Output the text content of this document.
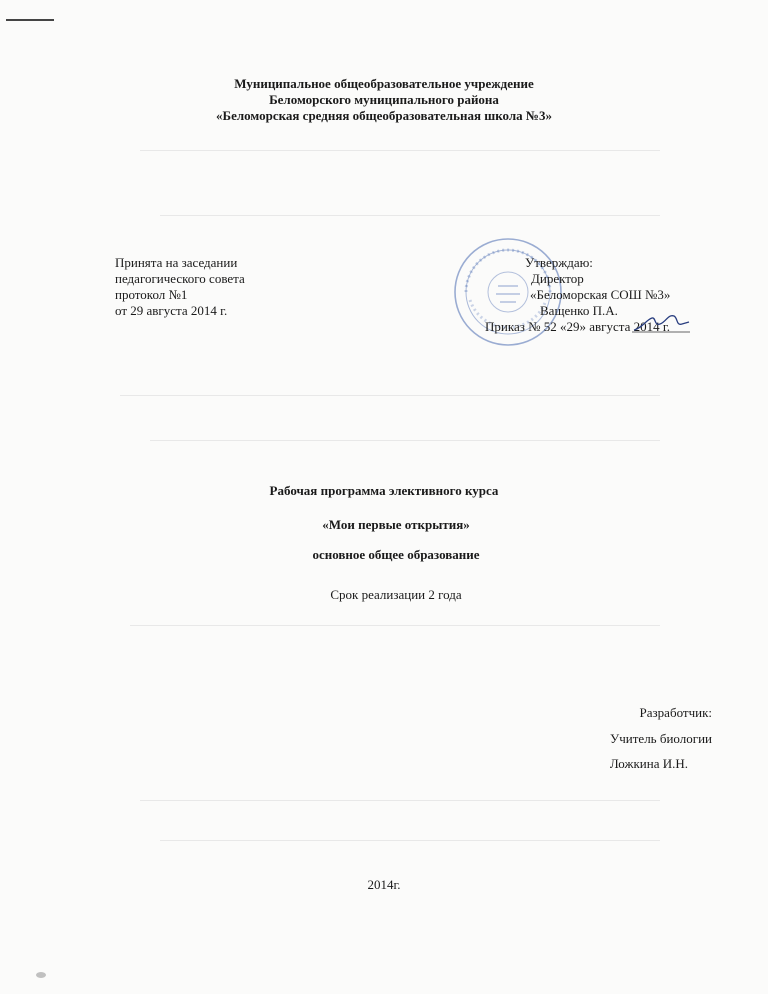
Муниципальное общеобразовательное учреждение
Беломорского муниципального района
«Беломорская средняя общеобразовательная школа №3»
Принята на заседании
педагогического совета
протокол №1
от 29 августа 2014 г.
Утверждаю:
Директор
«Беломорская СОШ №3»
Ващенко П.А.
Приказ № 52 «29» августа 2014 г.
Рабочая программа элективного курса
«Мои первые открытия»
основное общее образование
Срок реализации 2 года
Разработчик:
Учитель биологии
Ложкина И.Н.
2014г.
